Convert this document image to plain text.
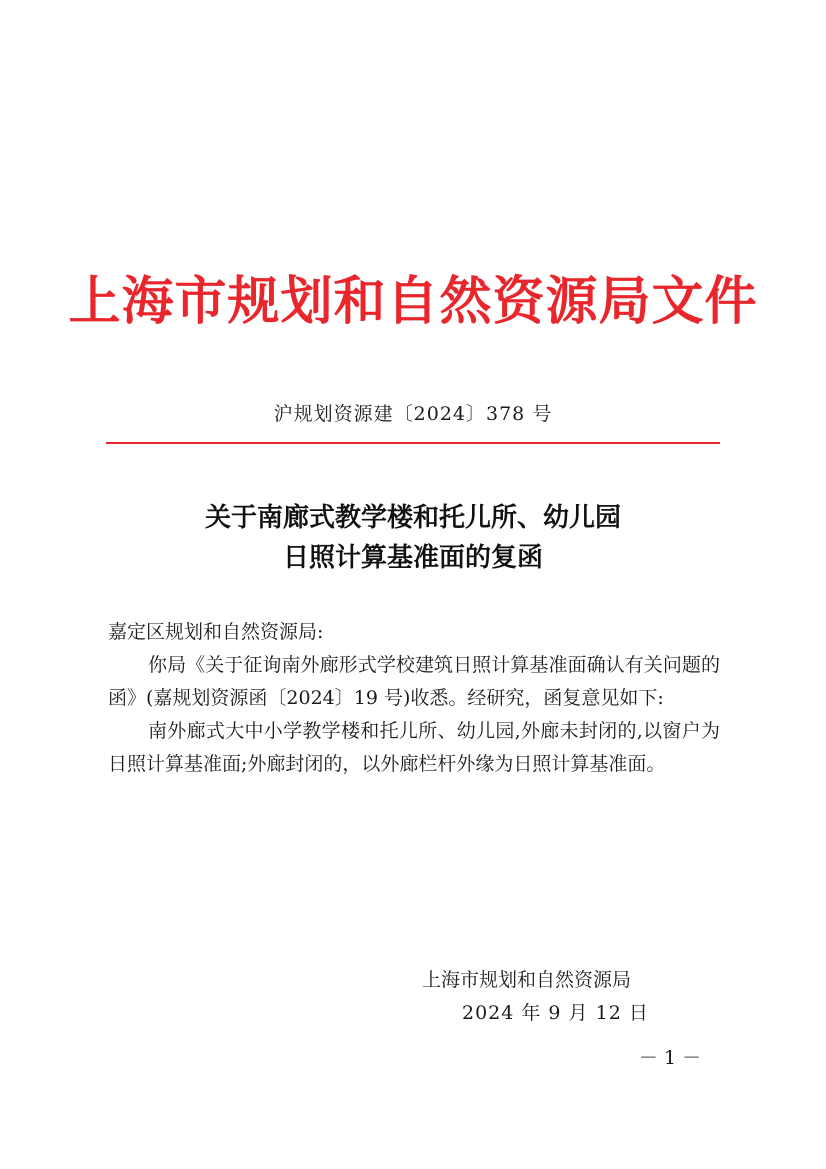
上海市规划和自然资源局文件
沪规划资源建〔2024〕378 号
关于南廊式教学楼和托儿所、幼儿园
日照计算基准面的复函
嘉定区规划和自然资源局:
你局《关于征询南外廊形式学校建筑日照计算基准面确认有关问题的函》(嘉规划资源函〔2024〕19 号)收悉。经研究，函复意见如下:
南外廊式大中小学教学楼和托儿所、幼儿园,外廊未封闭的,以窗户为日照计算基准面;外廊封闭的，以外廊栏杆外缘为日照计算基准面。
上海市规划和自然资源局
2024 年 9 月 12 日
－ 1 －
